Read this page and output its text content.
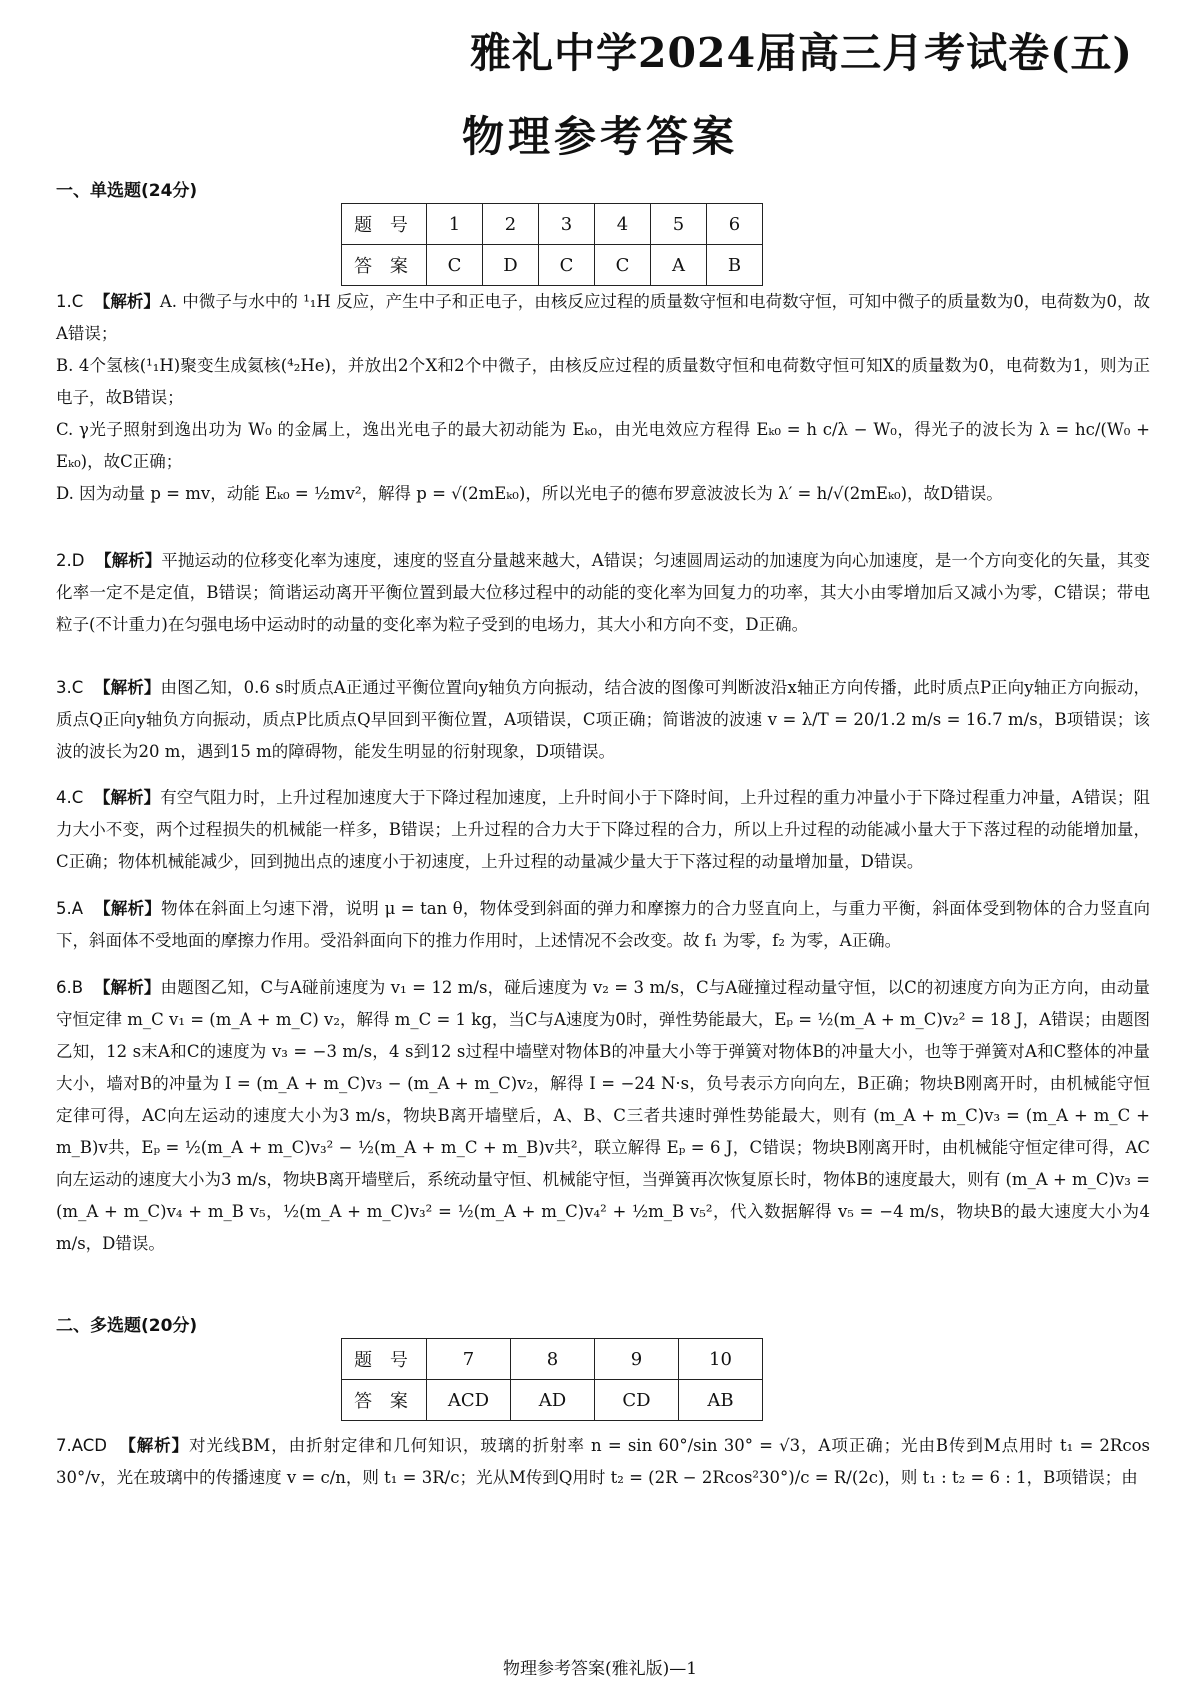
雅礼中学2024届高三月考试卷(五)
物理参考答案
一、单选题(24分)
题 号	1	2	3	4	5	6
答 案	C	D	C	C	A	B

1.C 【解析】A. 中微子与水中的 ¹₁H 反应，产生中子和正电子，由核反应过程的质量数守恒和电荷数守恒，可知中微子的质量数为0，电荷数为0，故A错误；

B. 4个氢核(¹₁H)聚变生成氦核(⁴₂He)，并放出2个X和2个中微子，由核反应过程的质量数守恒和电荷数守恒可知X的质量数为0，电荷数为1，则为正电子，故B错误；

C. γ光子照射到逸出功为 W₀ 的金属上，逸出光电子的最大初动能为 Eₖ₀，由光电效应方程得 Eₖ₀ = h c/λ − W₀，得光子的波长为 λ = hc/(W₀ + Eₖ₀)，故C正确；

D. 因为动量 p = mv，动能 Eₖ₀ = ½mv²，解得 p = √(2mEₖ₀)，所以光电子的德布罗意波波长为 λ′ = h/√(2mEₖ₀)，故D错误。

2.D 【解析】平抛运动的位移变化率为速度，速度的竖直分量越来越大，A错误；匀速圆周运动的加速度为向心加速度，是一个方向变化的矢量，其变化率一定不是定值，B错误；简谐运动离开平衡位置到最大位移过程中的动能的变化率为回复力的功率，其大小由零增加后又减小为零，C错误；带电粒子(不计重力)在匀强电场中运动时的动量的变化率为粒子受到的电场力，其大小和方向不变，D正确。

3.C 【解析】由图乙知，0.6 s时质点A正通过平衡位置向y轴负方向振动，结合波的图像可判断波沿x轴正方向传播，此时质点P正向y轴正方向振动，质点Q正向y轴负方向振动，质点P比质点Q早回到平衡位置，A项错误，C项正确；简谐波的波速 v = λ/T = 20/1.2 m/s = 16.7 m/s，B项错误；该波的波长为20 m，遇到15 m的障碍物，能发生明显的衍射现象，D项错误。

4.C 【解析】有空气阻力时，上升过程加速度大于下降过程加速度，上升时间小于下降时间，上升过程的重力冲量小于下降过程重力冲量，A错误；阻力大小不变，两个过程损失的机械能一样多，B错误；上升过程的合力大于下降过程的合力，所以上升过程的动能减小量大于下落过程的动能增加量，C正确；物体机械能减少，回到抛出点的速度小于初速度，上升过程的动量减少量大于下落过程的动量增加量，D错误。

5.A 【解析】物体在斜面上匀速下滑，说明 μ = tan θ，物体受到斜面的弹力和摩擦力的合力竖直向上，与重力平衡，斜面体受到物体的合力竖直向下，斜面体不受地面的摩擦力作用。受沿斜面向下的推力作用时，上述情况不会改变。故 f₁ 为零，f₂ 为零，A正确。

6.B 【解析】由题图乙知，C与A碰前速度为 v₁ = 12 m/s，碰后速度为 v₂ = 3 m/s，C与A碰撞过程动量守恒，以C的初速度方向为正方向，由动量守恒定律 m_C v₁ = (m_A + m_C) v₂，解得 m_C = 1 kg，当C与A速度为0时，弹性势能最大，Eₚ = ½(m_A + m_C)v₂² = 18 J，A错误；由题图乙知，12 s末A和C的速度为 v₃ = −3 m/s，4 s到12 s过程中墙壁对物体B的冲量大小等于弹簧对物体B的冲量大小，也等于弹簧对A和C整体的冲量大小，墙对B的冲量为 I = (m_A + m_C)v₃ − (m_A + m_C)v₂，解得 I = −24 N·s，负号表示方向向左，B正确；物块B刚离开时，由机械能守恒定律可得，AC向左运动的速度大小为3 m/s，物块B离开墙壁后，A、B、C三者共速时弹性势能最大，则有 (m_A + m_C)v₃ = (m_A + m_C + m_B)v共，Eₚ = ½(m_A + m_C)v₃² − ½(m_A + m_C + m_B)v共²，联立解得 Eₚ = 6 J，C错误；物块B刚离开时，由机械能守恒定律可得，AC向左运动的速度大小为3 m/s，物块B离开墙壁后，系统动量守恒、机械能守恒，当弹簧再次恢复原长时，物体B的速度最大，则有 (m_A + m_C)v₃ = (m_A + m_C)v₄ + m_B v₅，½(m_A + m_C)v₃² = ½(m_A + m_C)v₄² + ½m_B v₅²，代入数据解得 v₅ = −4 m/s，物块B的最大速度大小为4 m/s，D错误。

二、多选题(20分)
题 号	7	8	9	10
答 案	ACD	AD	CD	AB

7.ACD 【解析】对光线BM，由折射定律和几何知识，玻璃的折射率 n = sin 60°/sin 30° = √3，A项正确；光由B传到M点用时 t₁ = 2Rcos 30°/v，光在玻璃中的传播速度 v = c/n，则 t₁ = 3R/c；光从M传到Q用时 t₂ = (2R − 2Rcos²30°)/c = R/(2c)，则 t₁ : t₂ = 6 : 1，B项错误；由

物理参考答案(雅礼版)—1
